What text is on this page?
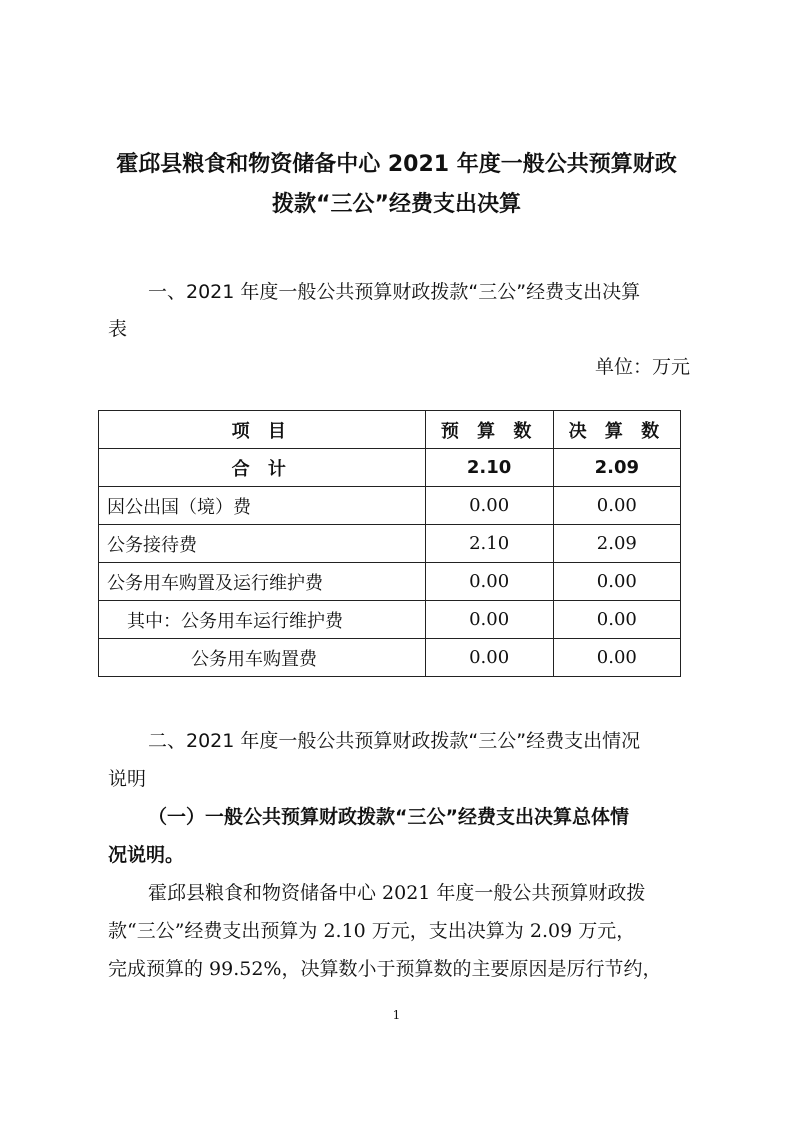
霍邱县粮食和物资储备中心 2021 年度一般公共预算财政
拨款“三公”经费支出决算
一、2021 年度一般公共预算财政拨款“三公”经费支出决算
表
单位：万元
项 目	预 算 数	决 算 数
合 计	2.10	2.09
因公出国（境）费	0.00	0.00
公务接待费	2.10	2.09
公务用车购置及运行维护费	0.00	0.00
其中：公务用车运行维护费	0.00	0.00
公务用车购置费	0.00	0.00
二、2021 年度一般公共预算财政拨款“三公”经费支出情况
说明
（一）一般公共预算财政拨款“三公”经费支出决算总体情
况说明。
霍邱县粮食和物资储备中心 2021 年度一般公共预算财政拨
款“三公”经费支出预算为 2.10 万元，支出决算为 2.09 万元，
完成预算的 99.52%，决算数小于预算数的主要原因是厉行节约，
1
